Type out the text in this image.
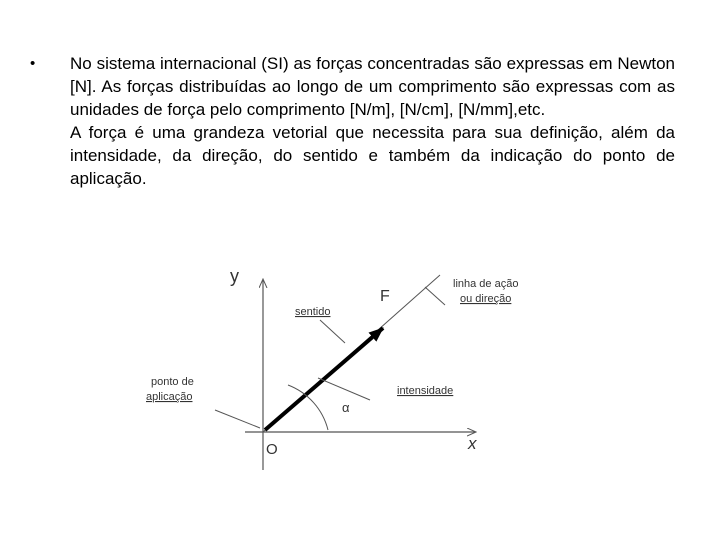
•	No sistema internacional (SI) as forças concentradas são expressas em Newton [N]. As forças distribuídas ao longo de um comprimento são expressas com as unidades de força pelo comprimento [N/m], [N/cm], [N/mm],etc.

A força é uma grandeza vetorial que necessita para sua definição, além da intensidade, da direção, do sentido e também da indicação do ponto de aplicação.

y
x
O
F
α
sentido
linha de ação
ou direção
intensidade
ponto de
aplicação
